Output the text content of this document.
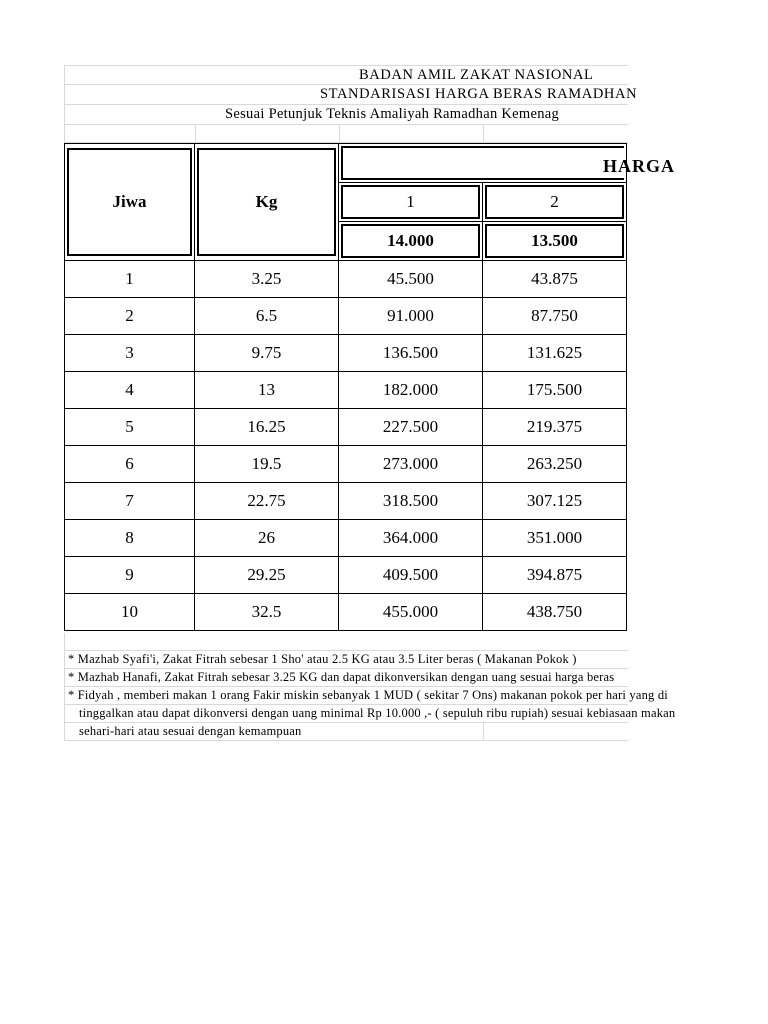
BADAN AMIL ZAKAT NASIONAL
STANDARISASI HARGA BERAS RAMADHAN
Sesuai Petunjuk Teknis Amaliyah Ramadhan Kemenag
Jiwa	Kg	HARGA	

		1	2

		14.000	13.500

1	3.25	45.500	43.875
2	6.5	91.000	87.750
3	9.75	136.500	131.625
4	13	182.000	175.500
5	16.25	227.500	219.375
6	19.5	273.000	263.250
7	22.75	318.500	307.125
8	26	364.000	351.000
9	29.25	409.500	394.875
10	32.5	455.000	438.750
* Mazhab Syafi'i, Zakat Fitrah sebesar 1 Sho' atau 2.5 KG atau 3.5 Liter beras ( Makanan Pokok )
* Mazhab Hanafi, Zakat Fitrah sebesar 3.25 KG dan dapat dikonversikan dengan uang sesuai harga beras
* Fidyah , memberi makan 1 orang Fakir miskin sebanyak 1 MUD ( sekitar 7 Ons) makanan pokok per hari yang di
tinggalkan atau dapat dikonversi dengan uang minimal Rp 10.000 ,- ( sepuluh ribu rupiah) sesuai kebiasaan makan
sehari-hari atau sesuai dengan kemampuan
